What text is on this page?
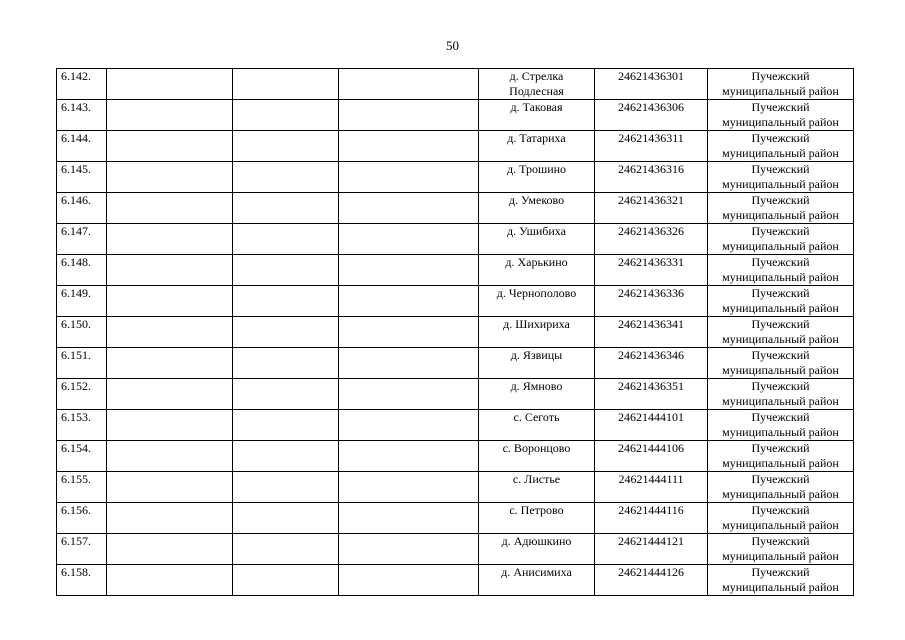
50
6.142.				д. Стрелка Подлесная	24621436301	Пучежский муниципальный район
6.143.				д. Таковая	24621436306	Пучежский муниципальный район
6.144.				д. Татариха	24621436311	Пучежский муниципальный район
6.145.				д. Трошино	24621436316	Пучежский муниципальный район
6.146.				д. Умеково	24621436321	Пучежский муниципальный район
6.147.				д. Ушибиха	24621436326	Пучежский муниципальный район
6.148.				д. Харькино	24621436331	Пучежский муниципальный район
6.149.				д. Чернополово	24621436336	Пучежский муниципальный район
6.150.				д. Шихириха	24621436341	Пучежский муниципальный район
6.151.				д. Язвицы	24621436346	Пучежский муниципальный район
6.152.				д. Ямново	24621436351	Пучежский муниципальный район
6.153.				с. Сеготь	24621444101	Пучежский муниципальный район
6.154.				с. Воронцово	24621444106	Пучежский муниципальный район
6.155.				с. Листье	24621444111	Пучежский муниципальный район
6.156.				с. Петрово	24621444116	Пучежский муниципальный район
6.157.				д. Адюшкино	24621444121	Пучежский муниципальный район
6.158.				д. Анисимиха	24621444126	Пучежский муниципальный район
